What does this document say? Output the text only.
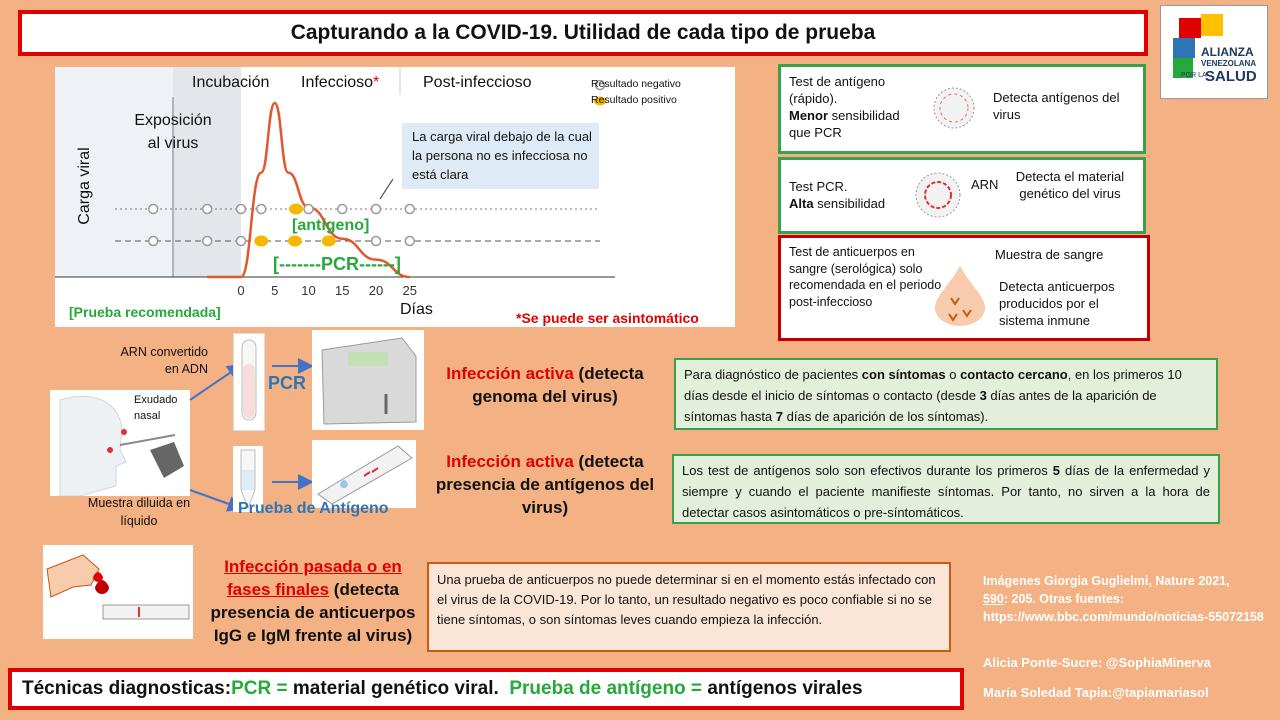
Capturando a la COVID-19. Utilidad de cada tipo de prueba
ALIANZA
VENEZOLANA
POR LA
SALUD
0 5 10 15 20 25
Incubación Infeccioso*	Post-infeccioso	Resultado negativo
Resultado positivo
Exposición al virus
Carga viral
La carga viral debajo de la cual la persona no es infecciosa no está clara
[antígeno]
[-------PCR------]
Días
[Prueba recomendada]	*Se puede ser asintomático
Test de antígeno (rápido).
Menor sensibilidad que PCR
Detecta antígenos del virus
Test PCR.
Alta sensibilidad
ARN
Detecta el material genético del virus
Test de anticuerpos en sangre (serológica) solo recomendada en el periodo post-infeccioso
Muestra de sangre
Detecta anticuerpos producidos por el sistema inmune
ARN convertido en ADN
Exudado nasal
Muestra diluida en líquido
PCR
Prueba de Antígeno
Infección activa (detecta genoma del virus)
Infección activa (detecta presencia de antígenos del virus)
Infección pasada o en fases finales (detecta presencia de anticuerpos IgG e IgM frente al virus)
Para diagnóstico de pacientes con síntomas o contacto cercano, en los primeros 10 días desde el inicio de síntomas o contacto (desde 3 días antes de la aparición de síntomas hasta 7 días de aparición de los síntomas).
Los test de antígenos solo son efectivos durante los primeros 5 días de la enfermedad y siempre y cuando el paciente manifieste síntomas. Por tanto, no sirven a la hora de detectar casos asintomáticos o pre-síntomáticos.
Una prueba de anticuerpos no puede determinar si en el momento estás infectado con el virus de la COVID-19. Por lo tanto, un resultado negativo es poco confiable si no se tiene síntomas, o son síntomas leves cuando empieza la infección.
Imágenes Giorgia Guglielmi, Nature 2021,
590: 205. Otras fuentes: https://www.bbc.com/mundo/noticias-55072158
Alicia Ponte-Sucre: @SophiaMinerva
María Soledad Tapia:@tapiamariasol
Técnicas diagnosticas: PCR = material genético viral. Prueba de antígeno = antígenos virales
